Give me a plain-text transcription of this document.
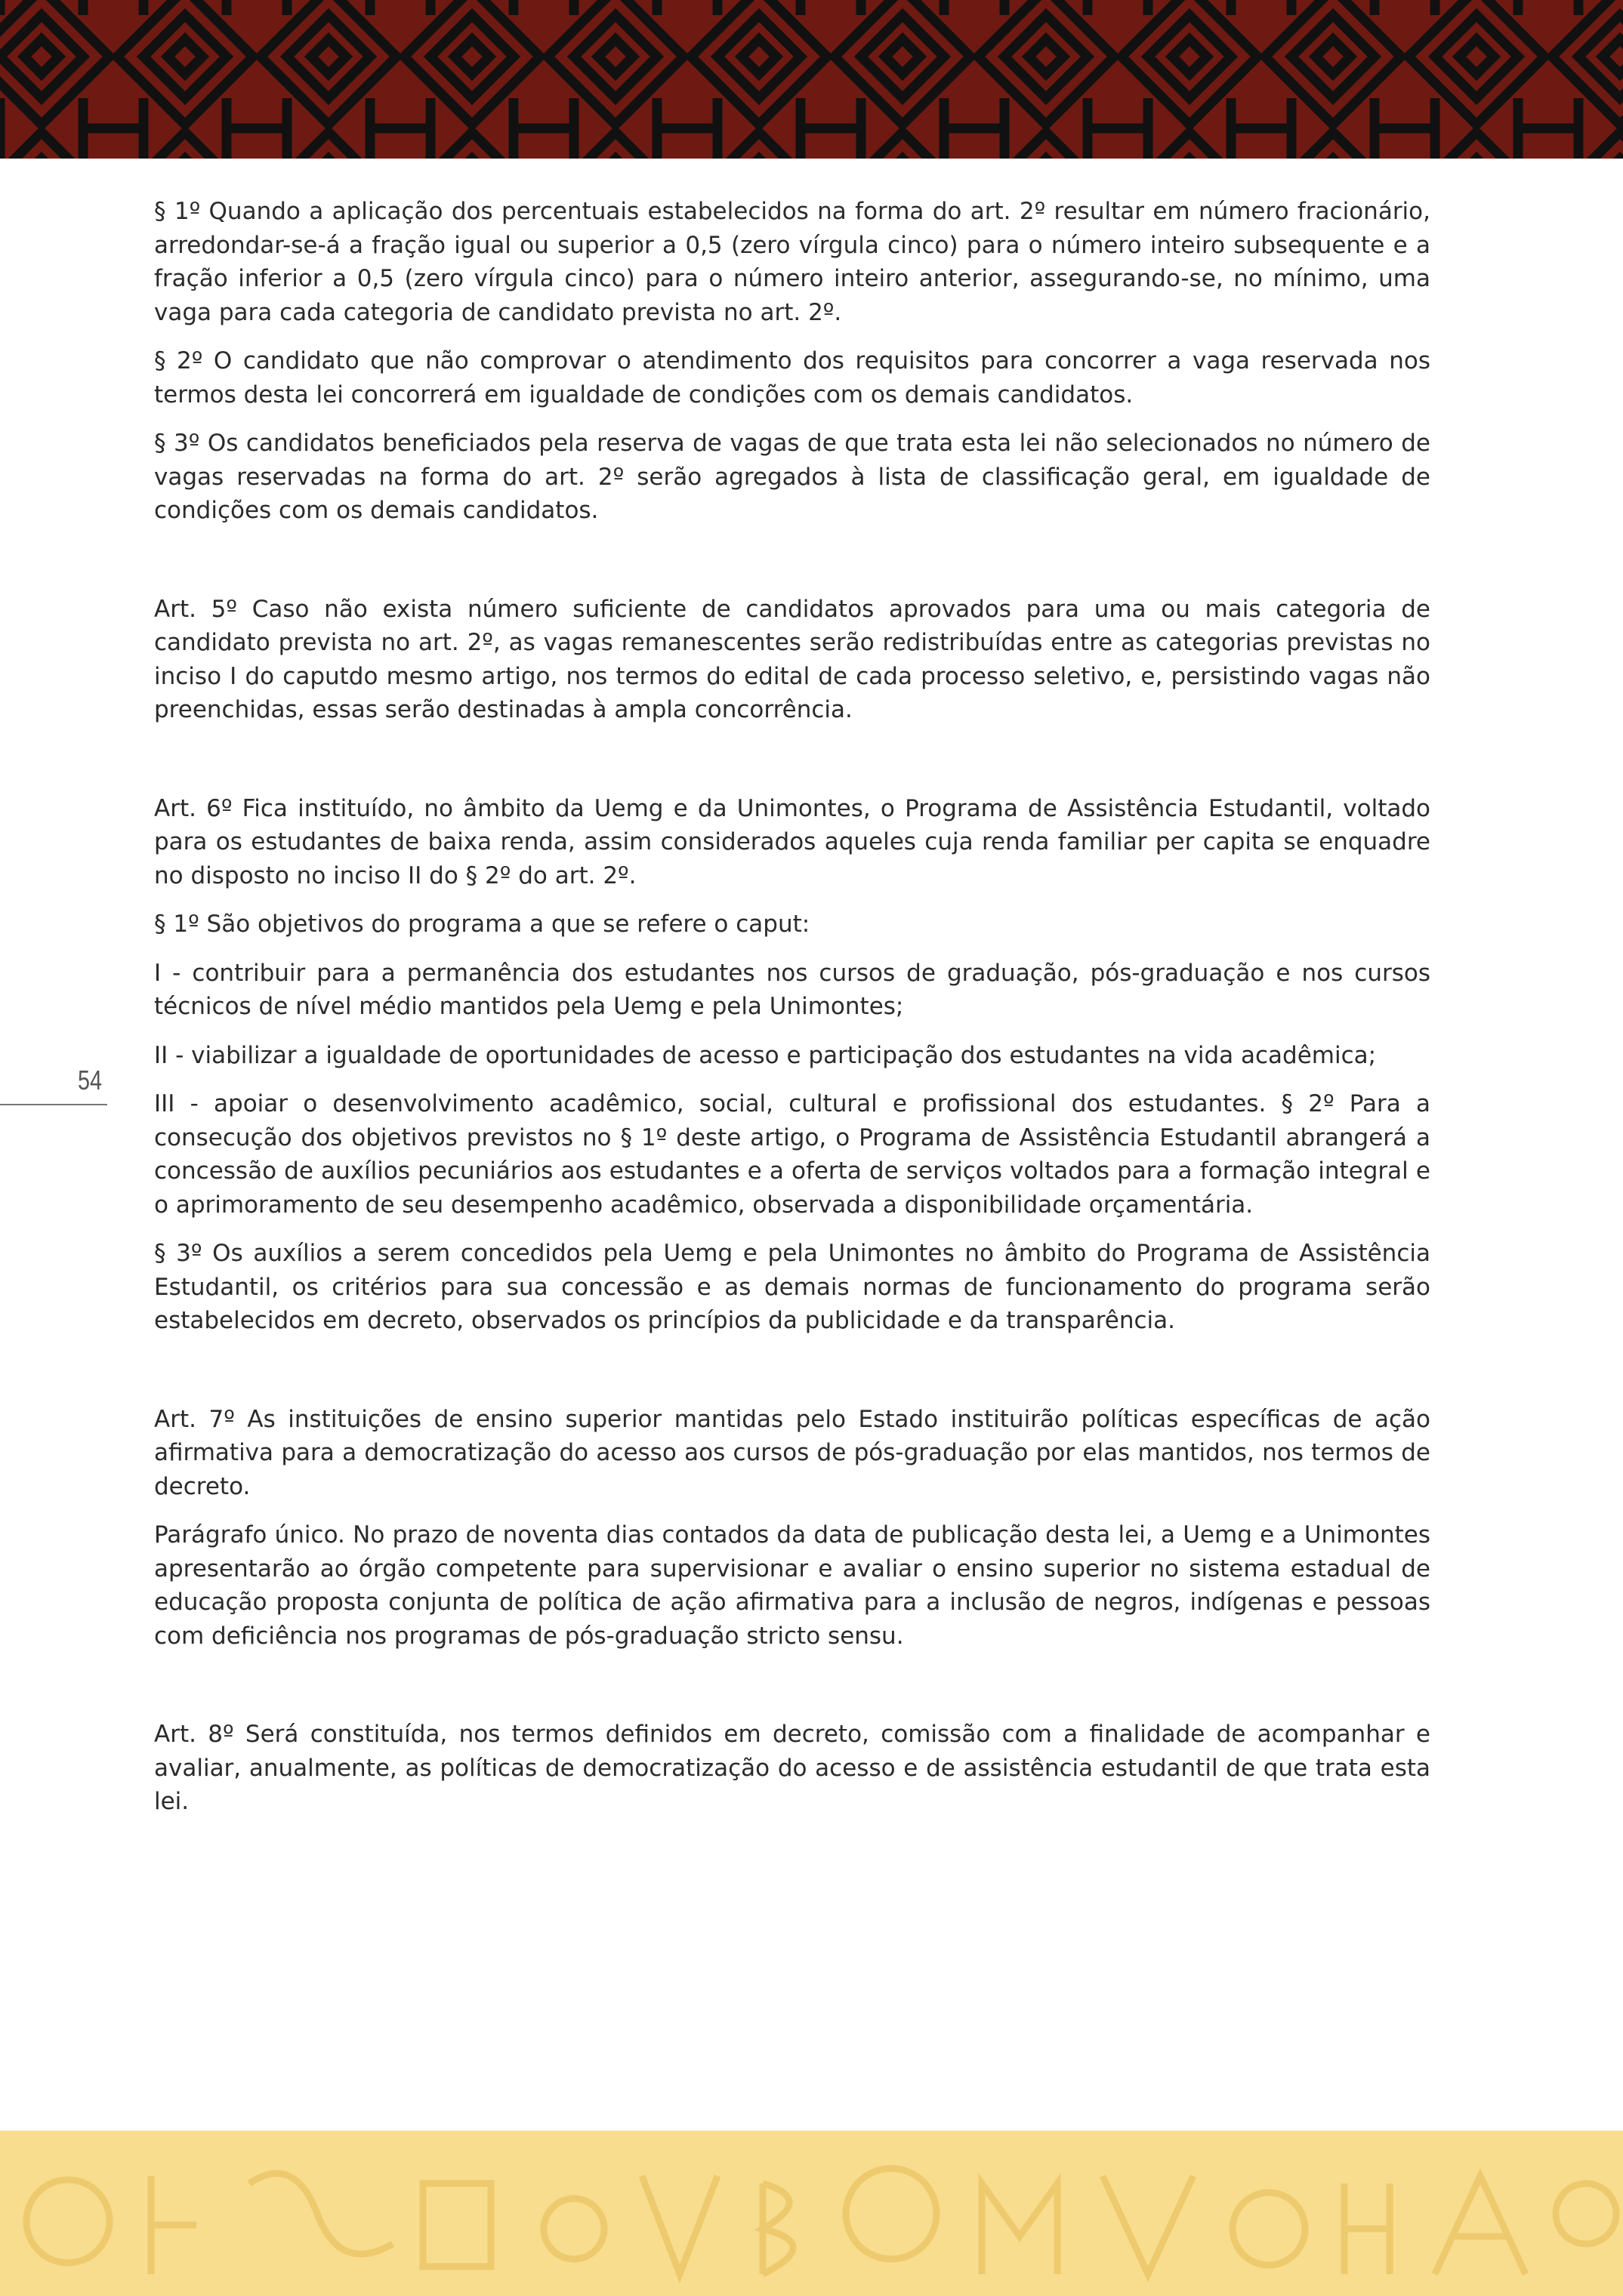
54

§ 1º Quando a aplicação dos percentuais estabelecidos na forma do art. 2º resultar em número fracionário, arredondar-se-á a fração igual ou superior a 0,5 (zero vírgula cinco) para o número inteiro subsequente e a fração inferior a 0,5 (zero vírgula cinco) para o número inteiro anterior, assegurando-se, no mínimo, uma vaga para cada categoria de candidato prevista no art. 2º.

§ 2º O candidato que não comprovar o atendimento dos requisitos para concorrer a vaga reservada nos termos desta lei concorrerá em igualdade de condições com os demais candidatos.

§ 3º Os candidatos beneficiados pela reserva de vagas de que trata esta lei não selecionados no número de vagas reservadas na forma do art. 2º serão agregados à lista de classificação geral, em igualdade de condições com os demais candidatos.

Art. 5º Caso não exista número suficiente de candidatos aprovados para uma ou mais categoria de candidato prevista no art. 2º, as vagas remanescentes serão redistribuídas entre as categorias previstas no inciso I do caputdo mesmo artigo, nos termos do edital de cada processo seletivo, e, persistindo vagas não preenchidas, essas serão destinadas à ampla concorrência.

Art. 6º Fica instituído, no âmbito da Uemg e da Unimontes, o Programa de Assistência Estudantil, voltado para os estudantes de baixa renda, assim considerados aqueles cuja renda familiar per capita se enquadre no disposto no inciso II do § 2º do art. 2º.

§ 1º São objetivos do programa a que se refere o caput:

I - contribuir para a permanência dos estudantes nos cursos de graduação, pós-graduação e nos cursos técnicos de nível médio mantidos pela Uemg e pela Unimontes;

II - viabilizar a igualdade de oportunidades de acesso e participação dos estudantes na vida acadêmica;

III - apoiar o desenvolvimento acadêmico, social, cultural e profissional dos estudantes. § 2º Para a consecução dos objetivos previstos no § 1º deste artigo, o Programa de Assistência Estudantil abrangerá a concessão de auxílios pecuniários aos estudantes e a oferta de serviços voltados para a formação integral e o aprimoramento de seu desempenho acadêmico, observada a disponibilidade orçamentária.

§ 3º Os auxílios a serem concedidos pela Uemg e pela Unimontes no âmbito do Programa de Assistência Estudantil, os critérios para sua concessão e as demais normas de funcionamento do programa serão estabelecidos em decreto, observados os princípios da publicidade e da transparência.

Art. 7º As instituições de ensino superior mantidas pelo Estado instituirão políticas específicas de ação afirmativa para a democratização do acesso aos cursos de pós-graduação por elas mantidos, nos termos de decreto.

Parágrafo único. No prazo de noventa dias contados da data de publicação desta lei, a Uemg e a Unimontes apresentarão ao órgão competente para supervisionar e avaliar o ensino superior no sistema estadual de educação proposta conjunta de política de ação afirmativa para a inclusão de negros, indígenas e pessoas com deficiência nos programas de pós-graduação stricto sensu.

Art. 8º Será constituída, nos termos definidos em decreto, comissão com a finalidade de acompanhar e avaliar, anualmente, as políticas de democratização do acesso e de assistência estudantil de que trata esta lei.
